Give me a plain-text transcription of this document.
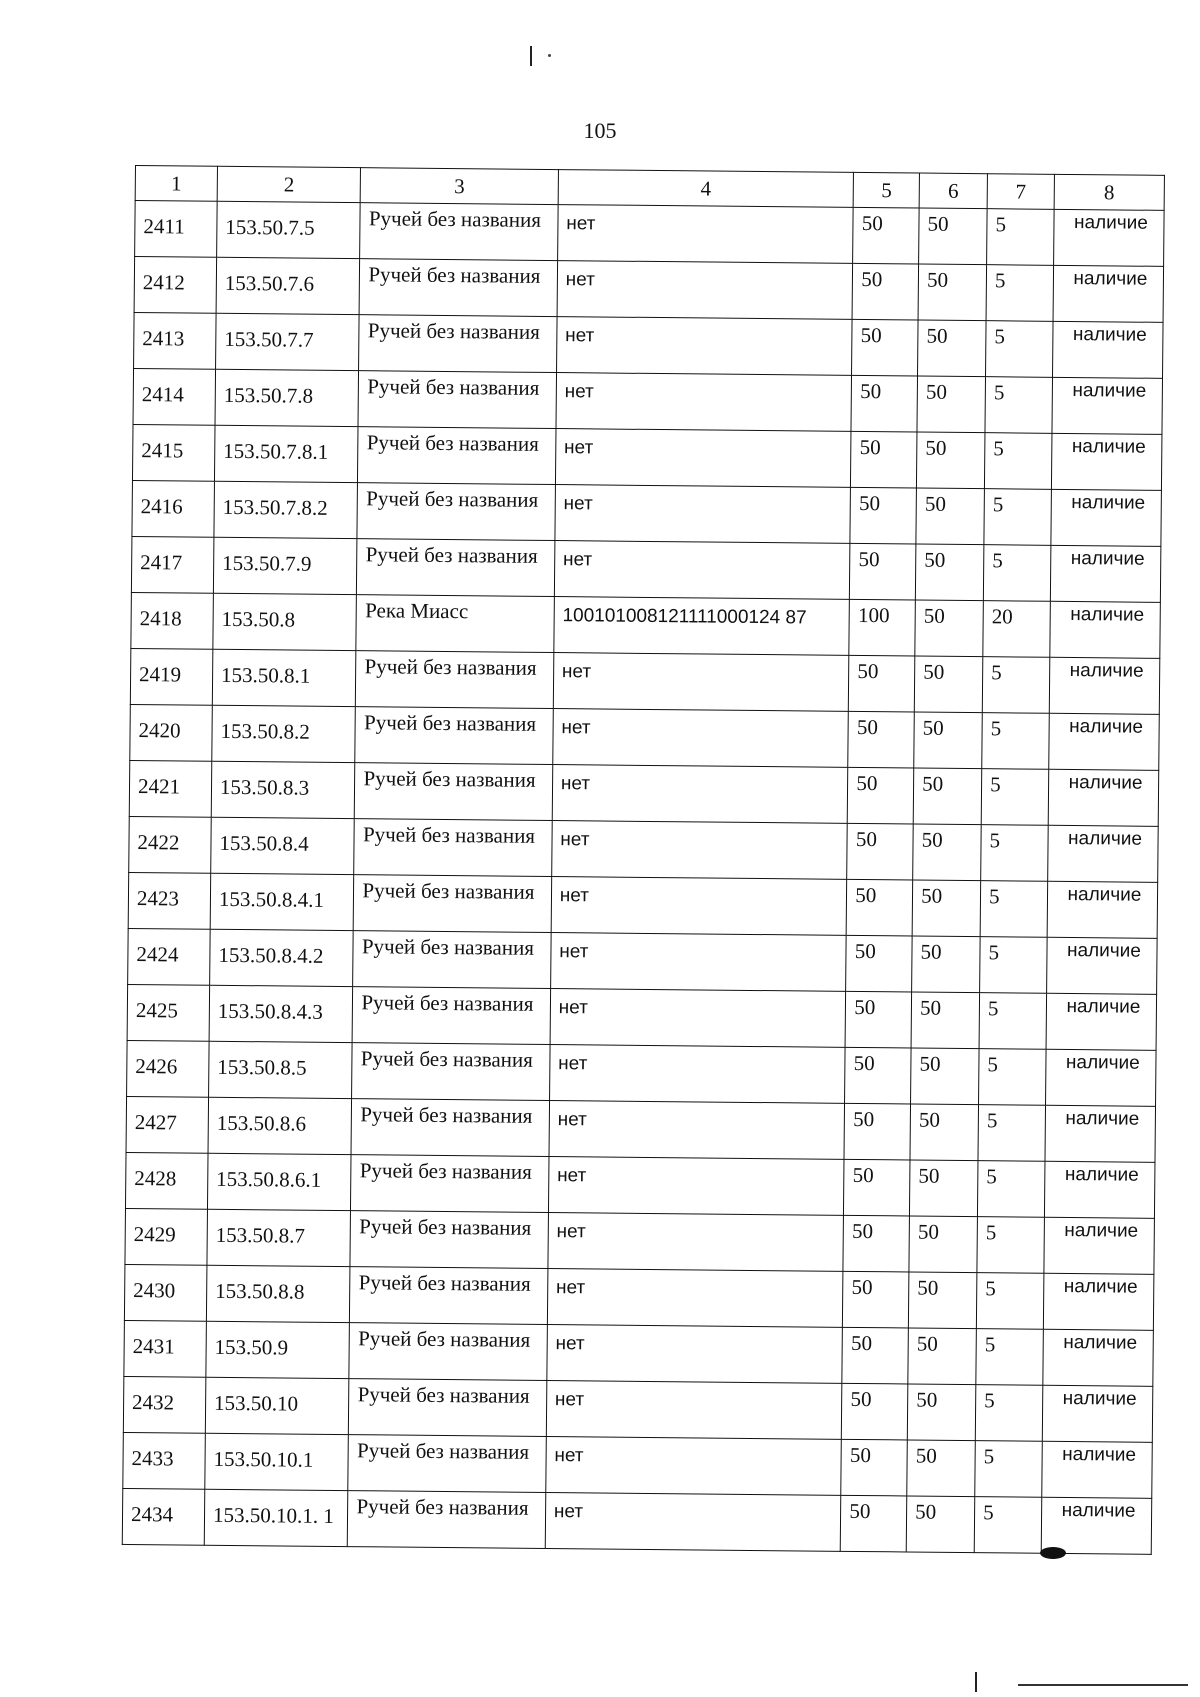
105
1	2	3	4	5	6	7	8
2411	153.50.7.5	Ручей без названия	нет	50	50	5	наличие
2412	153.50.7.6	Ручей без названия	нет	50	50	5	наличие
2413	153.50.7.7	Ручей без названия	нет	50	50	5	наличие
2414	153.50.7.8	Ручей без названия	нет	50	50	5	наличие
2415	153.50.7.8.1	Ручей без названия	нет	50	50	5	наличие
2416	153.50.7.8.2	Ручей без названия	нет	50	50	5	наличие
2417	153.50.7.9	Ручей без названия	нет	50	50	5	наличие
2418	153.50.8	Река Миасс	100101008121111000124 87	100	50	20	наличие
2419	153.50.8.1	Ручей без названия	нет	50	50	5	наличие
2420	153.50.8.2	Ручей без названия	нет	50	50	5	наличие
2421	153.50.8.3	Ручей без названия	нет	50	50	5	наличие
2422	153.50.8.4	Ручей без названия	нет	50	50	5	наличие
2423	153.50.8.4.1	Ручей без названия	нет	50	50	5	наличие
2424	153.50.8.4.2	Ручей без названия	нет	50	50	5	наличие
2425	153.50.8.4.3	Ручей без названия	нет	50	50	5	наличие
2426	153.50.8.5	Ручей без названия	нет	50	50	5	наличие
2427	153.50.8.6	Ручей без названия	нет	50	50	5	наличие
2428	153.50.8.6.1	Ручей без названия	нет	50	50	5	наличие
2429	153.50.8.7	Ручей без названия	нет	50	50	5	наличие
2430	153.50.8.8	Ручей без названия	нет	50	50	5	наличие
2431	153.50.9	Ручей без названия	нет	50	50	5	наличие
2432	153.50.10	Ручей без названия	нет	50	50	5	наличие
2433	153.50.10.1	Ручей без названия	нет	50	50	5	наличие
2434	153.50.10.1. 1	Ручей без названия	нет	50	50	5	наличие
